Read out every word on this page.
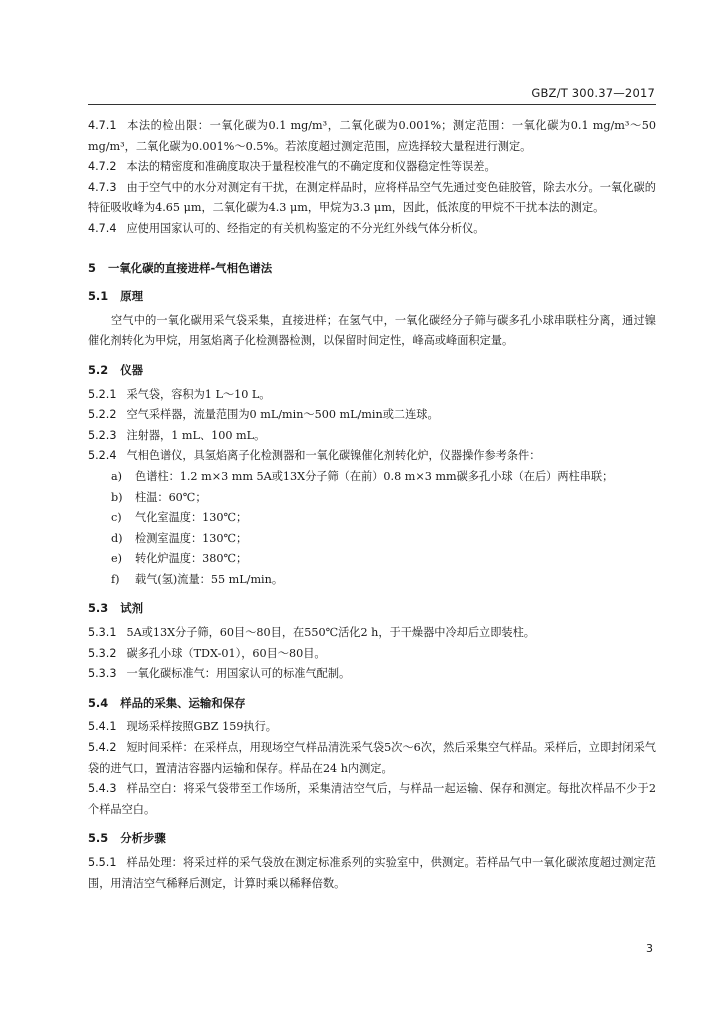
GBZ/T 300.37—2017

4.7.1 本法的检出限：一氧化碳为0.1 mg/m³，二氧化碳为0.001%；测定范围：一氧化碳为0.1 mg/m³～50 mg/m³，二氧化碳为0.001%～0.5%。若浓度超过测定范围，应选择较大量程进行测定。

4.7.2 本法的精密度和准确度取决于量程校准气的不确定度和仪器稳定性等误差。

4.7.3 由于空气中的水分对测定有干扰，在测定样品时，应将样品空气先通过变色硅胶管，除去水分。一氧化碳的特征吸收峰为4.65 μm，二氧化碳为4.3 μm，甲烷为3.3 μm，因此，低浓度的甲烷不干扰本法的测定。

4.7.4 应使用国家认可的、经指定的有关机构鉴定的不分光红外线气体分析仪。

5 一氧化碳的直接进样-气相色谱法

5.1 原理

空气中的一氧化碳用采气袋采集，直接进样；在氢气中，一氧化碳经分子筛与碳多孔小球串联柱分离，通过镍催化剂转化为甲烷，用氢焰离子化检测器检测，以保留时间定性，峰高或峰面积定量。

5.2 仪器

5.2.1 采气袋，容积为1 L～10 L。

5.2.2 空气采样器，流量范围为0 mL/min～500 mL/min或二连球。

5.2.3 注射器，1 mL、100 mL。

5.2.4 气相色谱仪，具氢焰离子化检测器和一氧化碳镍催化剂转化炉，仪器操作参考条件：

a) 色谱柱：1.2 m×3 mm 5A或13X分子筛（在前）0.8 m×3 mm碳多孔小球（在后）两柱串联；

b) 柱温：60℃；

c) 气化室温度：130℃；

d) 检测室温度：130℃；

e) 转化炉温度：380℃；

f) 载气(氢)流量：55 mL/min。

5.3 试剂

5.3.1 5A或13X分子筛，60目～80目，在550℃活化2 h，于干燥器中冷却后立即装柱。

5.3.2 碳多孔小球（TDX-01），60目～80目。

5.3.3 一氧化碳标准气：用国家认可的标准气配制。

5.4 样品的采集、运输和保存

5.4.1 现场采样按照GBZ 159执行。

5.4.2 短时间采样：在采样点，用现场空气样品清洗采气袋5次～6次，然后采集空气样品。采样后，立即封闭采气袋的进气口，置清洁容器内运输和保存。样品在24 h内测定。

5.4.3 样品空白：将采气袋带至工作场所，采集清洁空气后，与样品一起运输、保存和测定。每批次样品不少于2个样品空白。

5.5 分析步骤

5.5.1 样品处理：将采过样的采气袋放在测定标准系列的实验室中，供测定。若样品气中一氧化碳浓度超过测定范围，用清洁空气稀释后测定，计算时乘以稀释倍数。

3
